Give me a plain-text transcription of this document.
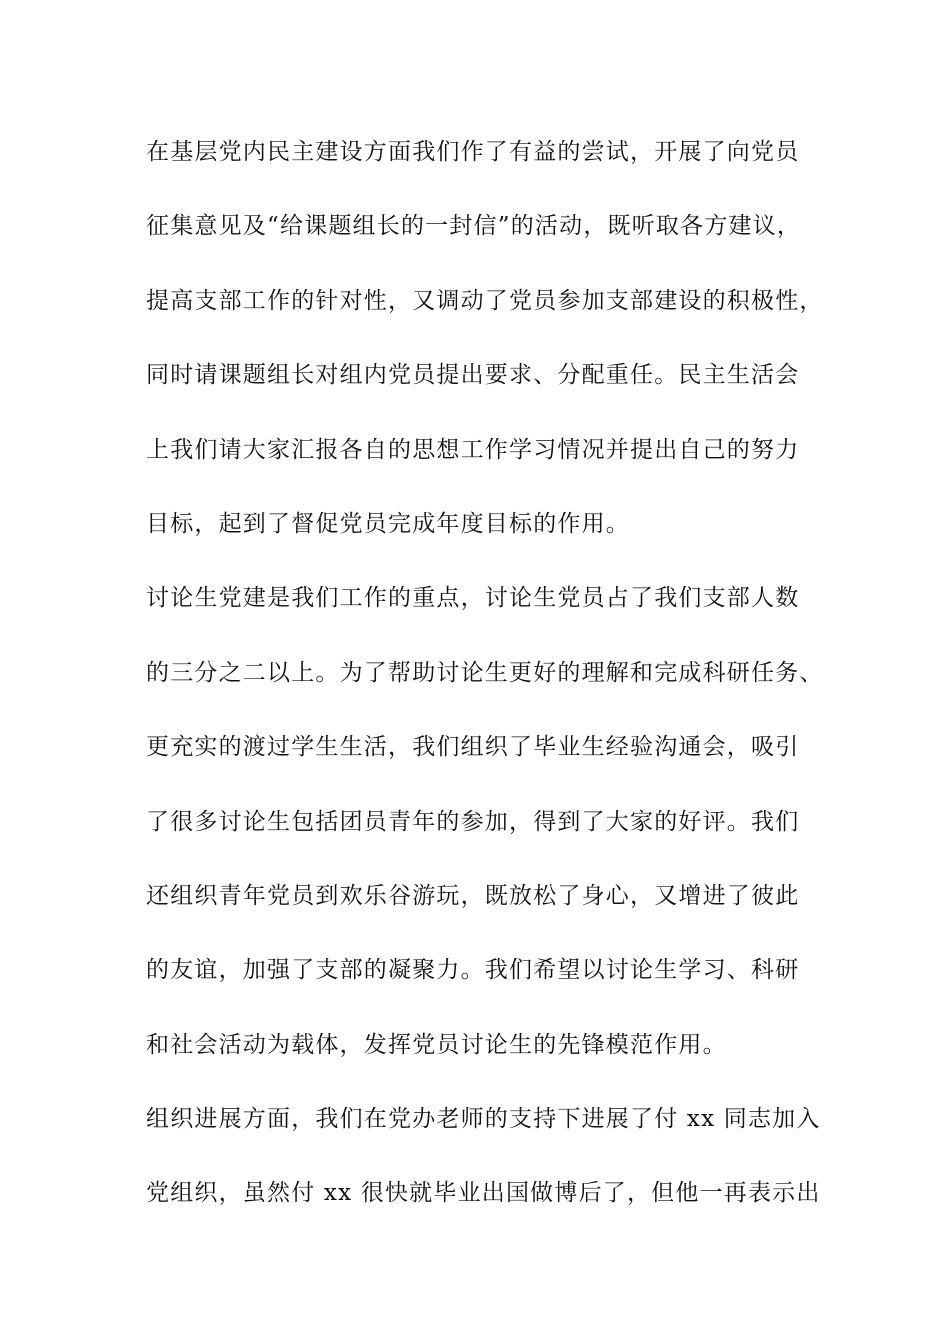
在基层党内民主建设方面我们作了有益的尝试，开展了向党员
征集意见及“给课题组长的一封信”的活动，既听取各方建议，
提高支部工作的针对性，又调动了党员参加支部建设的积极性，
同时请课题组长对组内党员提出要求、分配重任。民主生活会
上我们请大家汇报各自的思想工作学习情况并提出自己的努力
目标，起到了督促党员完成年度目标的作用。
讨论生党建是我们工作的重点，讨论生党员占了我们支部人数
的三分之二以上。为了帮助讨论生更好的理解和完成科研任务、
更充实的渡过学生生活，我们组织了毕业生经验沟通会，吸引
了很多讨论生包括团员青年的参加，得到了大家的好评。我们
还组织青年党员到欢乐谷游玩，既放松了身心，又增进了彼此
的友谊，加强了支部的凝聚力。我们希望以讨论生学习、科研
和社会活动为载体，发挥党员讨论生的先锋模范作用。
组织进展方面，我们在党办老师的支持下进展了付 xx 同志加入
党组织，虽然付 xx 很快就毕业出国做博后了，但他一再表示出
